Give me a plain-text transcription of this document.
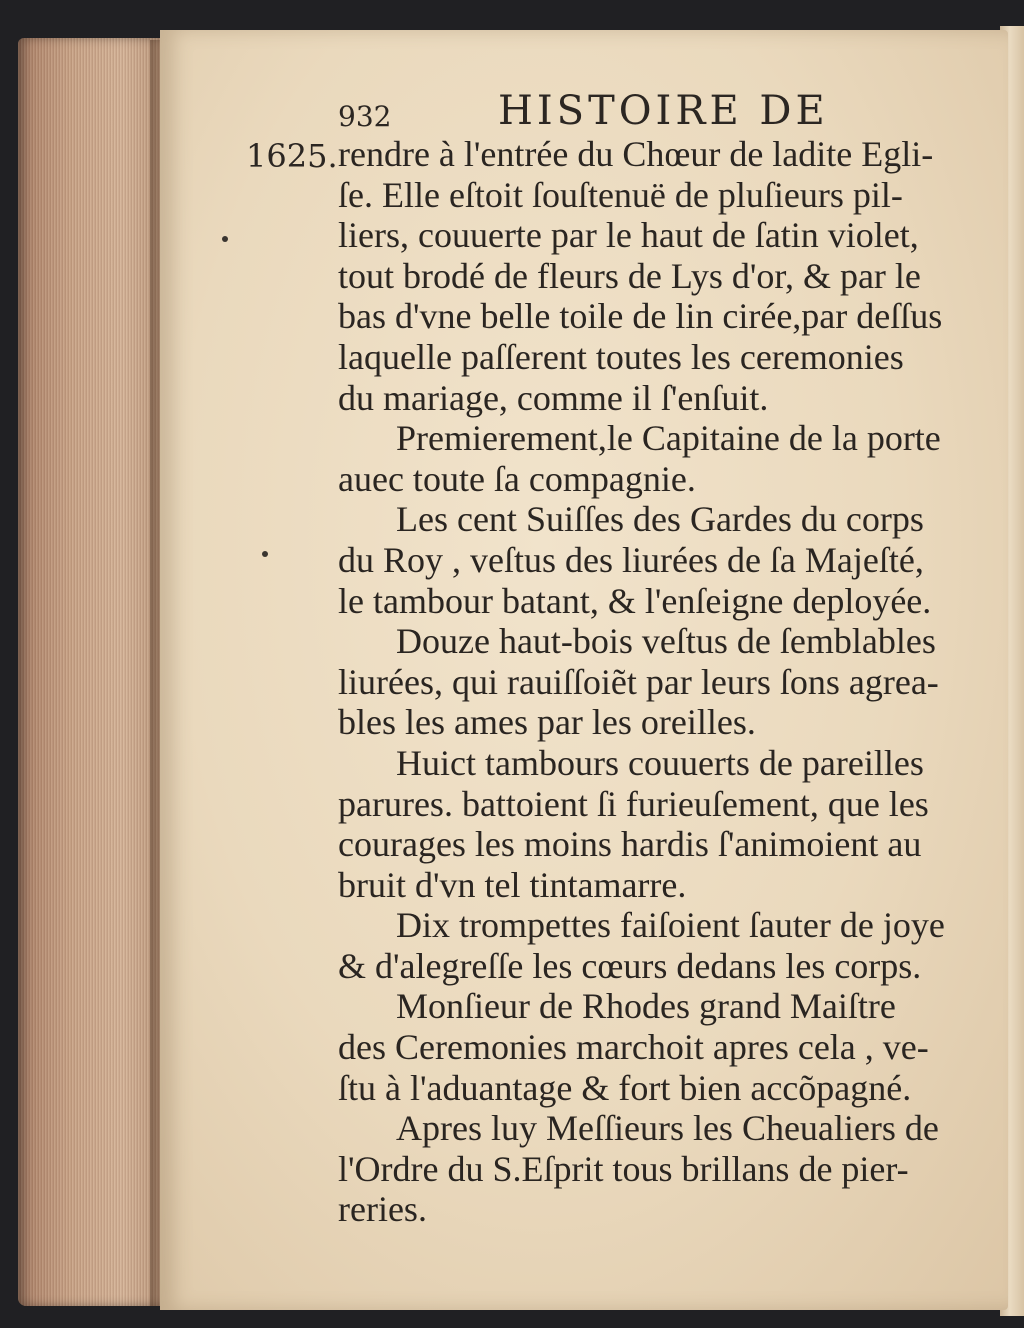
932	HISTOIRE DE
1625. rendre à l'entrée du Chœur de ladite Egli-
ſe. Elle eſtoit ſouſtenuë de pluſieurs pil-
liers, couuerte par le haut de ſatin violet,
tout brodé de fleurs de Lys d'or, & par le
bas d'vne belle toile de lin cirée,par deſſus
laquelle paſſerent toutes les ceremonies
du mariage, comme il ſ'enſuit.
Premierement,le Capitaine de la porte
auec toute ſa compagnie.
Les cent Suiſſes des Gardes du corps
du Roy , veſtus des liurées de ſa Majeſté,
le tambour batant, & l'enſeigne deployée.
Douze haut-bois veſtus de ſemblables
liurées, qui rauiſſoiẽt par leurs ſons agrea-
bles les ames par les oreilles.
Huict tambours couuerts de pareilles
parures. battoient ſi furieuſement, que les
courages les moins hardis ſ'animoient au
bruit d'vn tel tintamarre.
Dix trompettes faiſoient ſauter de joye
& d'alegreſſe les cœurs dedans les corps.
Monſieur de Rhodes grand Maiſtre
des Ceremonies marchoit apres cela , ve-
ſtu à l'aduantage & fort bien accõpagné.
Apres luy Meſſieurs les Cheualiers de
l'Ordre du S.Eſprit tous brillans de pier-
reries.
